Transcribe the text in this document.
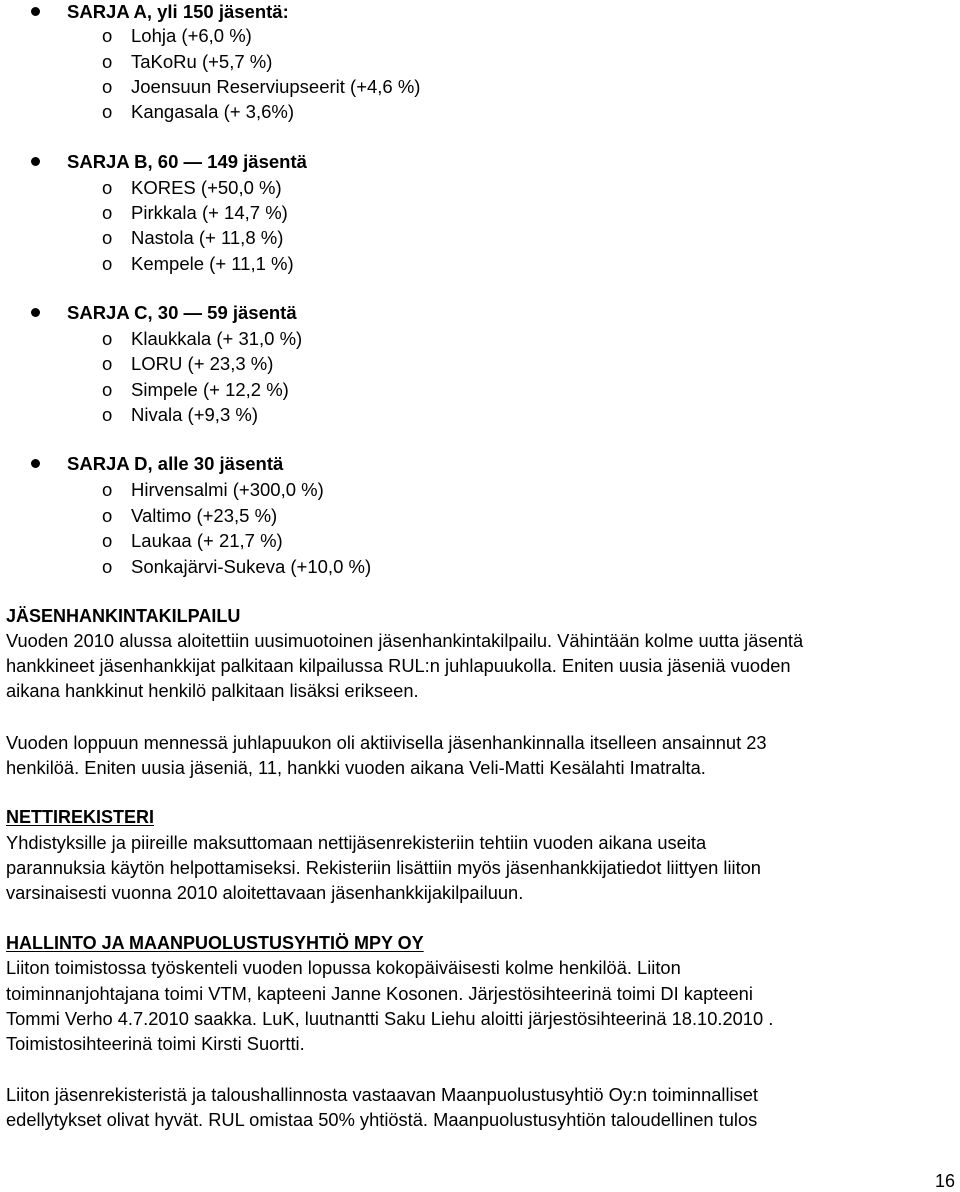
SARJA A, yli 150 jäsentä:
o Lohja (+6,0 %)
o TaKoRu (+5,7 %)
o Joensuun Reserviupseerit (+4,6 %)
o Kangasala (+ 3,6%)
SARJA B, 60 — 149 jäsentä
o KORES (+50,0 %)
o Pirkkala (+ 14,7 %)
o Nastola (+ 11,8 %)
o Kempele (+ 11,1 %)
SARJA C, 30 — 59 jäsentä
o Klaukkala (+ 31,0 %)
o LORU (+ 23,3 %)
o Simpele (+ 12,2 %)
o Nivala (+9,3 %)
SARJA D, alle 30 jäsentä
o Hirvensalmi (+300,0 %)
o Valtimo (+23,5 %)
o Laukaa (+ 21,7 %)
o Sonkajärvi-Sukeva (+10,0 %)
JÄSENHANKINTAKILPAILU
Vuoden 2010 alussa aloitettiin uusimuotoinen jäsenhankintakilpailu. Vähintään kolme uutta jäsentä
hankkineet jäsenhankkijat palkitaan kilpailussa RUL:n juhlapuukolla. Eniten uusia jäseniä vuoden
aikana hankkinut henkilö palkitaan lisäksi erikseen.
Vuoden loppuun mennessä juhlapuukon oli aktiivisella jäsenhankinnalla itselleen ansainnut 23
henkilöä. Eniten uusia jäseniä, 11, hankki vuoden aikana Veli-Matti Kesälahti Imatralta.
NETTIREKISTERI
Yhdistyksille ja piireille maksuttomaan nettijäsenrekisteriin tehtiin vuoden aikana useita
parannuksia käytön helpottamiseksi. Rekisteriin lisättiin myös jäsenhankkijatiedot liittyen liiton
varsinaisesti vuonna 2010 aloitettavaan jäsenhankkijakilpailuun.
HALLINTO JA MAANPUOLUSTUSYHTIÖ MPY OY
Liiton toimistossa työskenteli vuoden lopussa kokopäiväisesti kolme henkilöä. Liiton
toiminnanjohtajana toimi VTM, kapteeni Janne Kosonen. Järjestösihteerinä toimi DI kapteeni
Tommi Verho 4.7.2010 saakka. LuK, luutnantti Saku Liehu aloitti järjestösihteerinä 18.10.2010 .
Toimistosihteerinä toimi Kirsti Suortti.
Liiton jäsenrekisteristä ja taloushallinnosta vastaavan Maanpuolustusyhtiö Oy:n toiminnalliset
edellytykset olivat hyvät. RUL omistaa 50% yhtiöstä. Maanpuolustusyhtiön taloudellinen tulos
16
